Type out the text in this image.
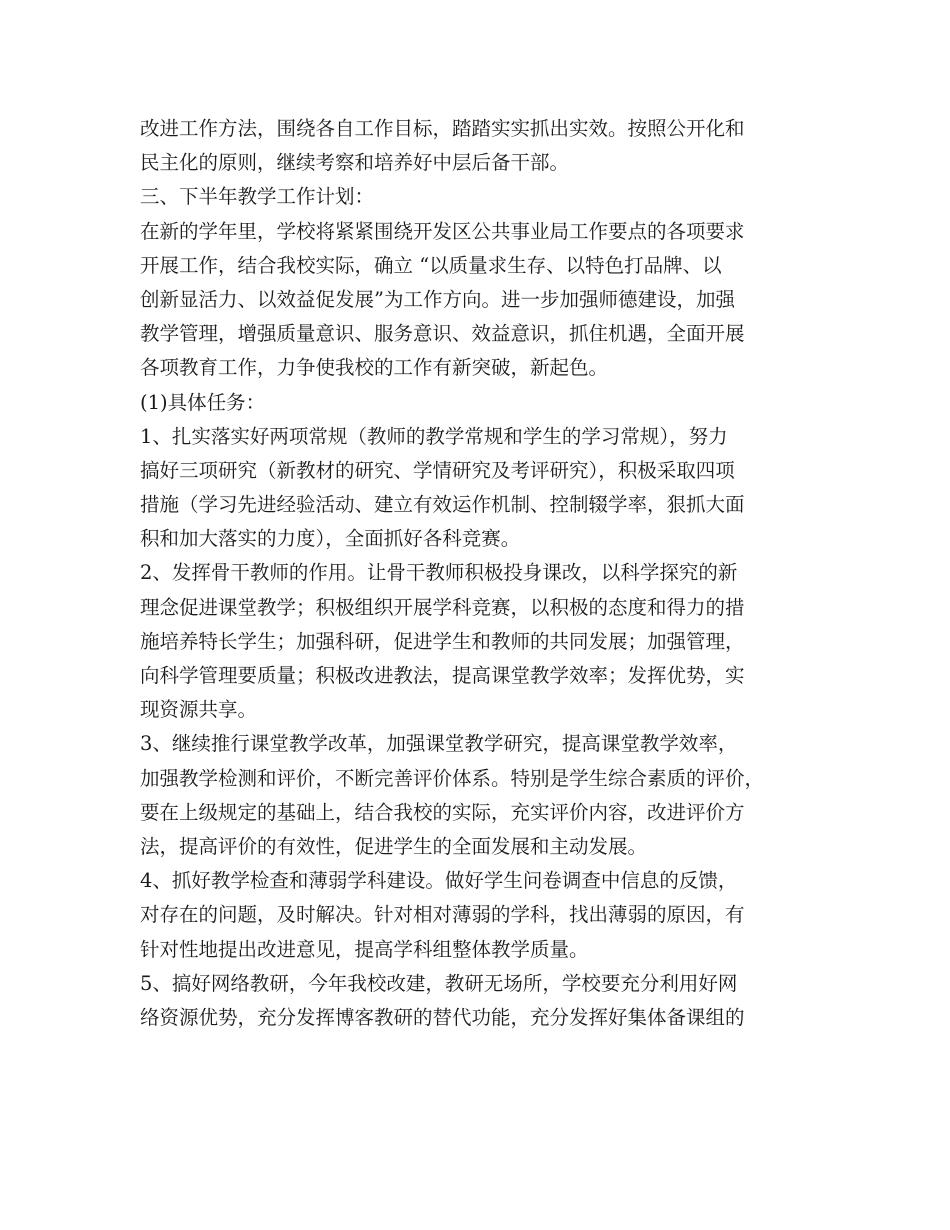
改进工作方法，围绕各自工作目标，踏踏实实抓出实效。按照公开化和
民主化的原则，继续考察和培养好中层后备干部。
三、下半年教学工作计划：
在新的学年里，学校将紧紧围绕开发区公共事业局工作要点的各项要求
开展工作，结合我校实际，确立 “以质量求生存、以特色打品牌、以
创新显活力、以效益促发展”为工作方向。进一步加强师德建设，加强
教学管理，增强质量意识、服务意识、效益意识，抓住机遇，全面开展
各项教育工作，力争使我校的工作有新突破，新起色。
(1)具体任务：
1、扎实落实好两项常规（教师的教学常规和学生的学习常规），努力
搞好三项研究（新教材的研究、学情研究及考评研究），积极采取四项
措施（学习先进经验活动、建立有效运作机制、控制辍学率，狠抓大面
积和加大落实的力度），全面抓好各科竞赛。
2、发挥骨干教师的作用。让骨干教师积极投身课改，以科学探究的新
理念促进课堂教学；积极组织开展学科竞赛，以积极的态度和得力的措
施培养特长学生；加强科研，促进学生和教师的共同发展；加强管理，
向科学管理要质量；积极改进教法，提高课堂教学效率；发挥优势，实
现资源共享。
3、继续推行课堂教学改革，加强课堂教学研究，提高课堂教学效率，
加强教学检测和评价，不断完善评价体系。特别是学生综合素质的评价，
要在上级规定的基础上，结合我校的实际，充实评价内容，改进评价方
法，提高评价的有效性，促进学生的全面发展和主动发展。
4、抓好教学检查和薄弱学科建设。做好学生问卷调查中信息的反馈，
对存在的问题，及时解决。针对相对薄弱的学科，找出薄弱的原因，有
针对性地提出改进意见，提高学科组整体教学质量。
5、搞好网络教研，今年我校改建，教研无场所，学校要充分利用好网
络资源优势，充分发挥博客教研的替代功能，充分发挥好集体备课组的
